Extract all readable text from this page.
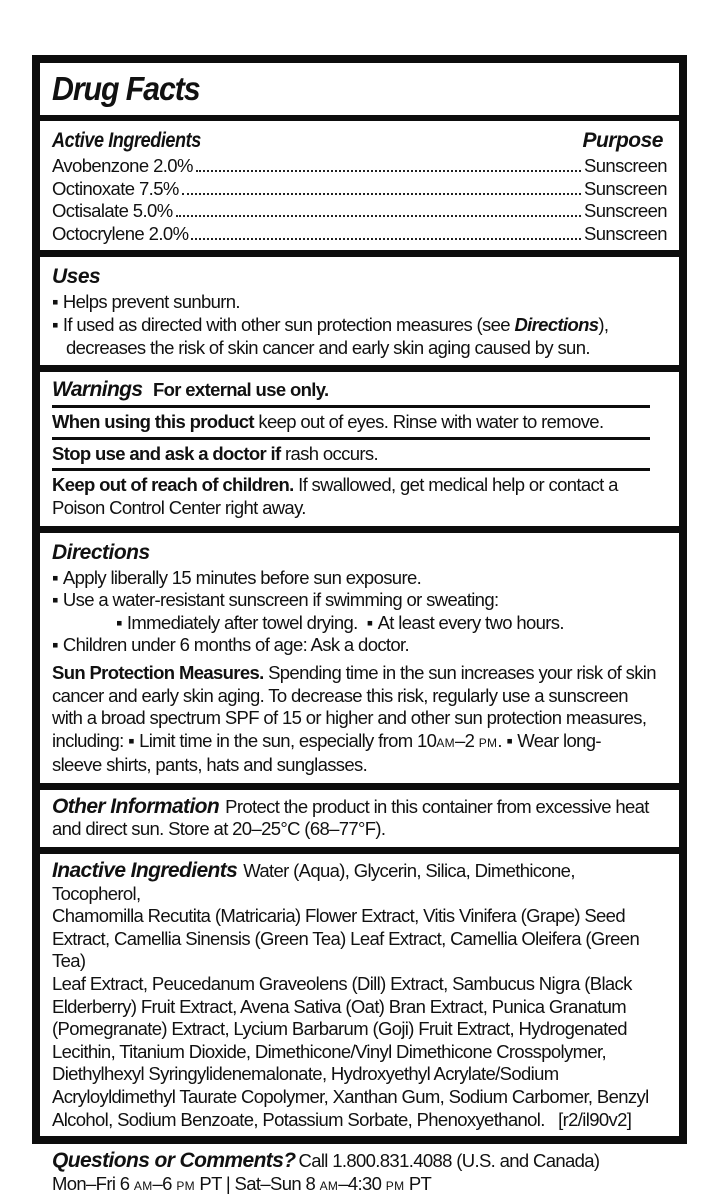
Drug Facts
Active Ingredients	Purpose
Avobenzone 2.0%	Sunscreen
Octinoxate 7.5%	Sunscreen
Octisalate 5.0%	Sunscreen
Octocrylene 2.0%	Sunscreen
Uses
▪ Helps prevent sunburn.
▪ If used as directed with other sun protection measures (see Directions),
decreases the risk of skin cancer and early skin aging caused by sun.
Warnings For external use only.
When using this product keep out of eyes. Rinse with water to remove.
Stop use and ask a doctor if rash occurs.
Keep out of reach of children. If swallowed, get medical help or contact a
Poison Control Center right away.
Directions
▪ Apply liberally 15 minutes before sun exposure.
▪ Use a water-resistant sunscreen if swimming or sweating:
▪ Immediately after towel drying. ▪ At least every two hours.
▪ Children under 6 months of age: Ask a doctor.
Sun Protection Measures. Spending time in the sun increases your risk of skin
cancer and early skin aging. To decrease this risk, regularly use a sunscreen
with a broad spectrum SPF of 15 or higher and other sun protection measures,
including: ▪ Limit time in the sun, especially from 10AM–2 PM. ▪ Wear long-
sleeve shirts, pants, hats and sunglasses.
Other Information Protect the product in this container from excessive heat
and direct sun. Store at 20–25°C (68–77°F).
Inactive Ingredients Water (Aqua), Glycerin, Silica, Dimethicone, Tocopherol,
Chamomilla Recutita (Matricaria) Flower Extract, Vitis Vinifera (Grape) Seed
Extract, Camellia Sinensis (Green Tea) Leaf Extract, Camellia Oleifera (Green Tea)
Leaf Extract, Peucedanum Graveolens (Dill) Extract, Sambucus Nigra (Black
Elderberry) Fruit Extract, Avena Sativa (Oat) Bran Extract, Punica Granatum
(Pomegranate) Extract, Lycium Barbarum (Goji) Fruit Extract, Hydrogenated
Lecithin, Titanium Dioxide, Dimethicone/Vinyl Dimethicone Crosspolymer,
Diethylhexyl Syringylidenemalonate, Hydroxyethyl Acrylate/Sodium
Acryloyldimethyl Taurate Copolymer, Xanthan Gum, Sodium Carbomer, Benzyl
Alcohol, Sodium Benzoate, Potassium Sorbate, Phenoxyethanol.   [r2/il90v2]
Questions or Comments? Call 1.800.831.4088 (U.S. and Canada)
Mon–Fri 6 AM–6 PM PT | Sat–Sun 8 AM–4:30 PM PT
